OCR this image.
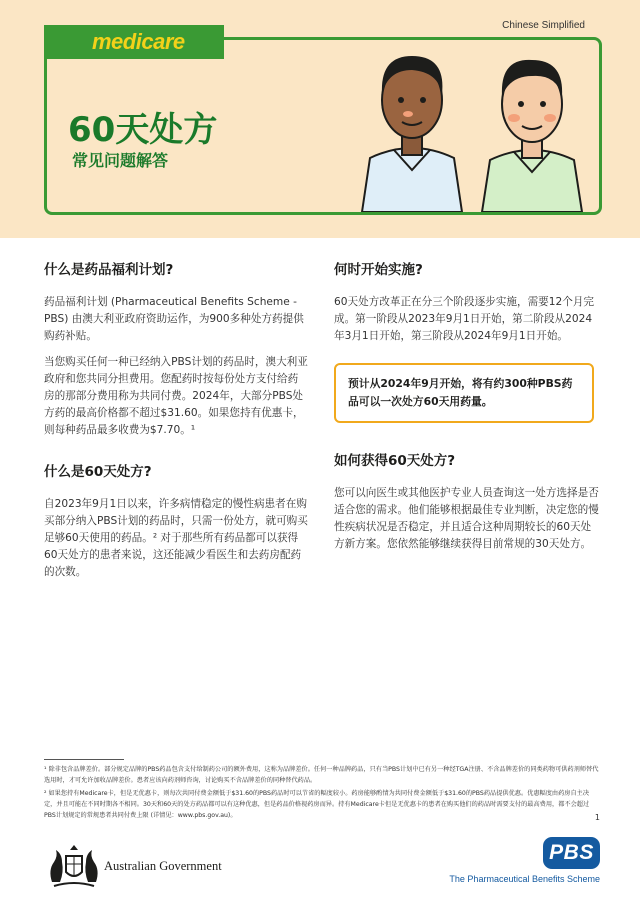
Chinese Simplified
medicare
60天处方
常见问题解答
什么是药品福利计划?

药品福利计划 (Pharmaceutical Benefits Scheme - PBS) 由澳大利亚政府资助运作，为900多种处方药提供购药补贴。

当您购买任何一种已经纳入PBS计划的药品时，澳大利亚政府和您共同分担费用。您配药时按每份处方支付给药房的那部分费用称为共同付费。2024年，大部分PBS处方药的最高价格都不超过$31.60。如果您持有优惠卡，则每种药品最多收费为$7.70。¹

什么是60天处方?

自2023年9月1日以来，许多病情稳定的慢性病患者在购买部分纳入PBS计划的药品时，只需一份处方，就可购买足够60天使用的药品。² 对于那些所有药品都可以获得60天处方的患者来说，这还能减少看医生和去药房配药的次数。

何时开始实施?

60天处方改革正在分三个阶段逐步实施，需要12个月完成。第一阶段从2023年9月1日开始，第二阶段从2024年3月1日开始，第三阶段从2024年9月1日开始。

预计从2024年9月开始，将有约300种PBS药品可以一次处方60天用药量。
如何获得60天处方?

您可以向医生或其他医护专业人员查询这一处方选择是否适合您的需求。他们能够根据最佳专业判断，决定您的慢性疾病状况是否稳定，并且适合这种周期较长的60天处方新方案。您依然能够继续获得目前常规的30天处方。

¹ 除非包含品牌差价。部分规定品牌的PBS药品包含支付给制药公司的额外费用，这称为品牌差价。任何一种品牌药品，只有当PBS计划中已有另一种经TGA注册、不含品牌差价的同类药物可供药剂师替代选用时，才可允许加收品牌差价。患者应该向药剂师咨询，讨论购买不含品牌差价的同种替代药品。
² 如果您持有Medicare卡，但是无优惠卡，则每次共同付费金额低于$31.60的PBS药品时可以节省的幅度较小。药房能够酌情为共同付费金额低于$31.60的PBS药品提供优惠。优惠幅度由药房自主决定，并且可能在不同时期各不相同。30天和60天的处方药品都可以有这种优惠，但是药品价格视药房而异。持有Medicare卡但是无优惠卡的患者在购买他们的药品时需要支付的最高费用，都不会超过PBS计划规定的常规患者共同付费上限 (详情见：www.pbs.gov.au)。	1
Australian Government
PBS
The Pharmaceutical Benefits Scheme
